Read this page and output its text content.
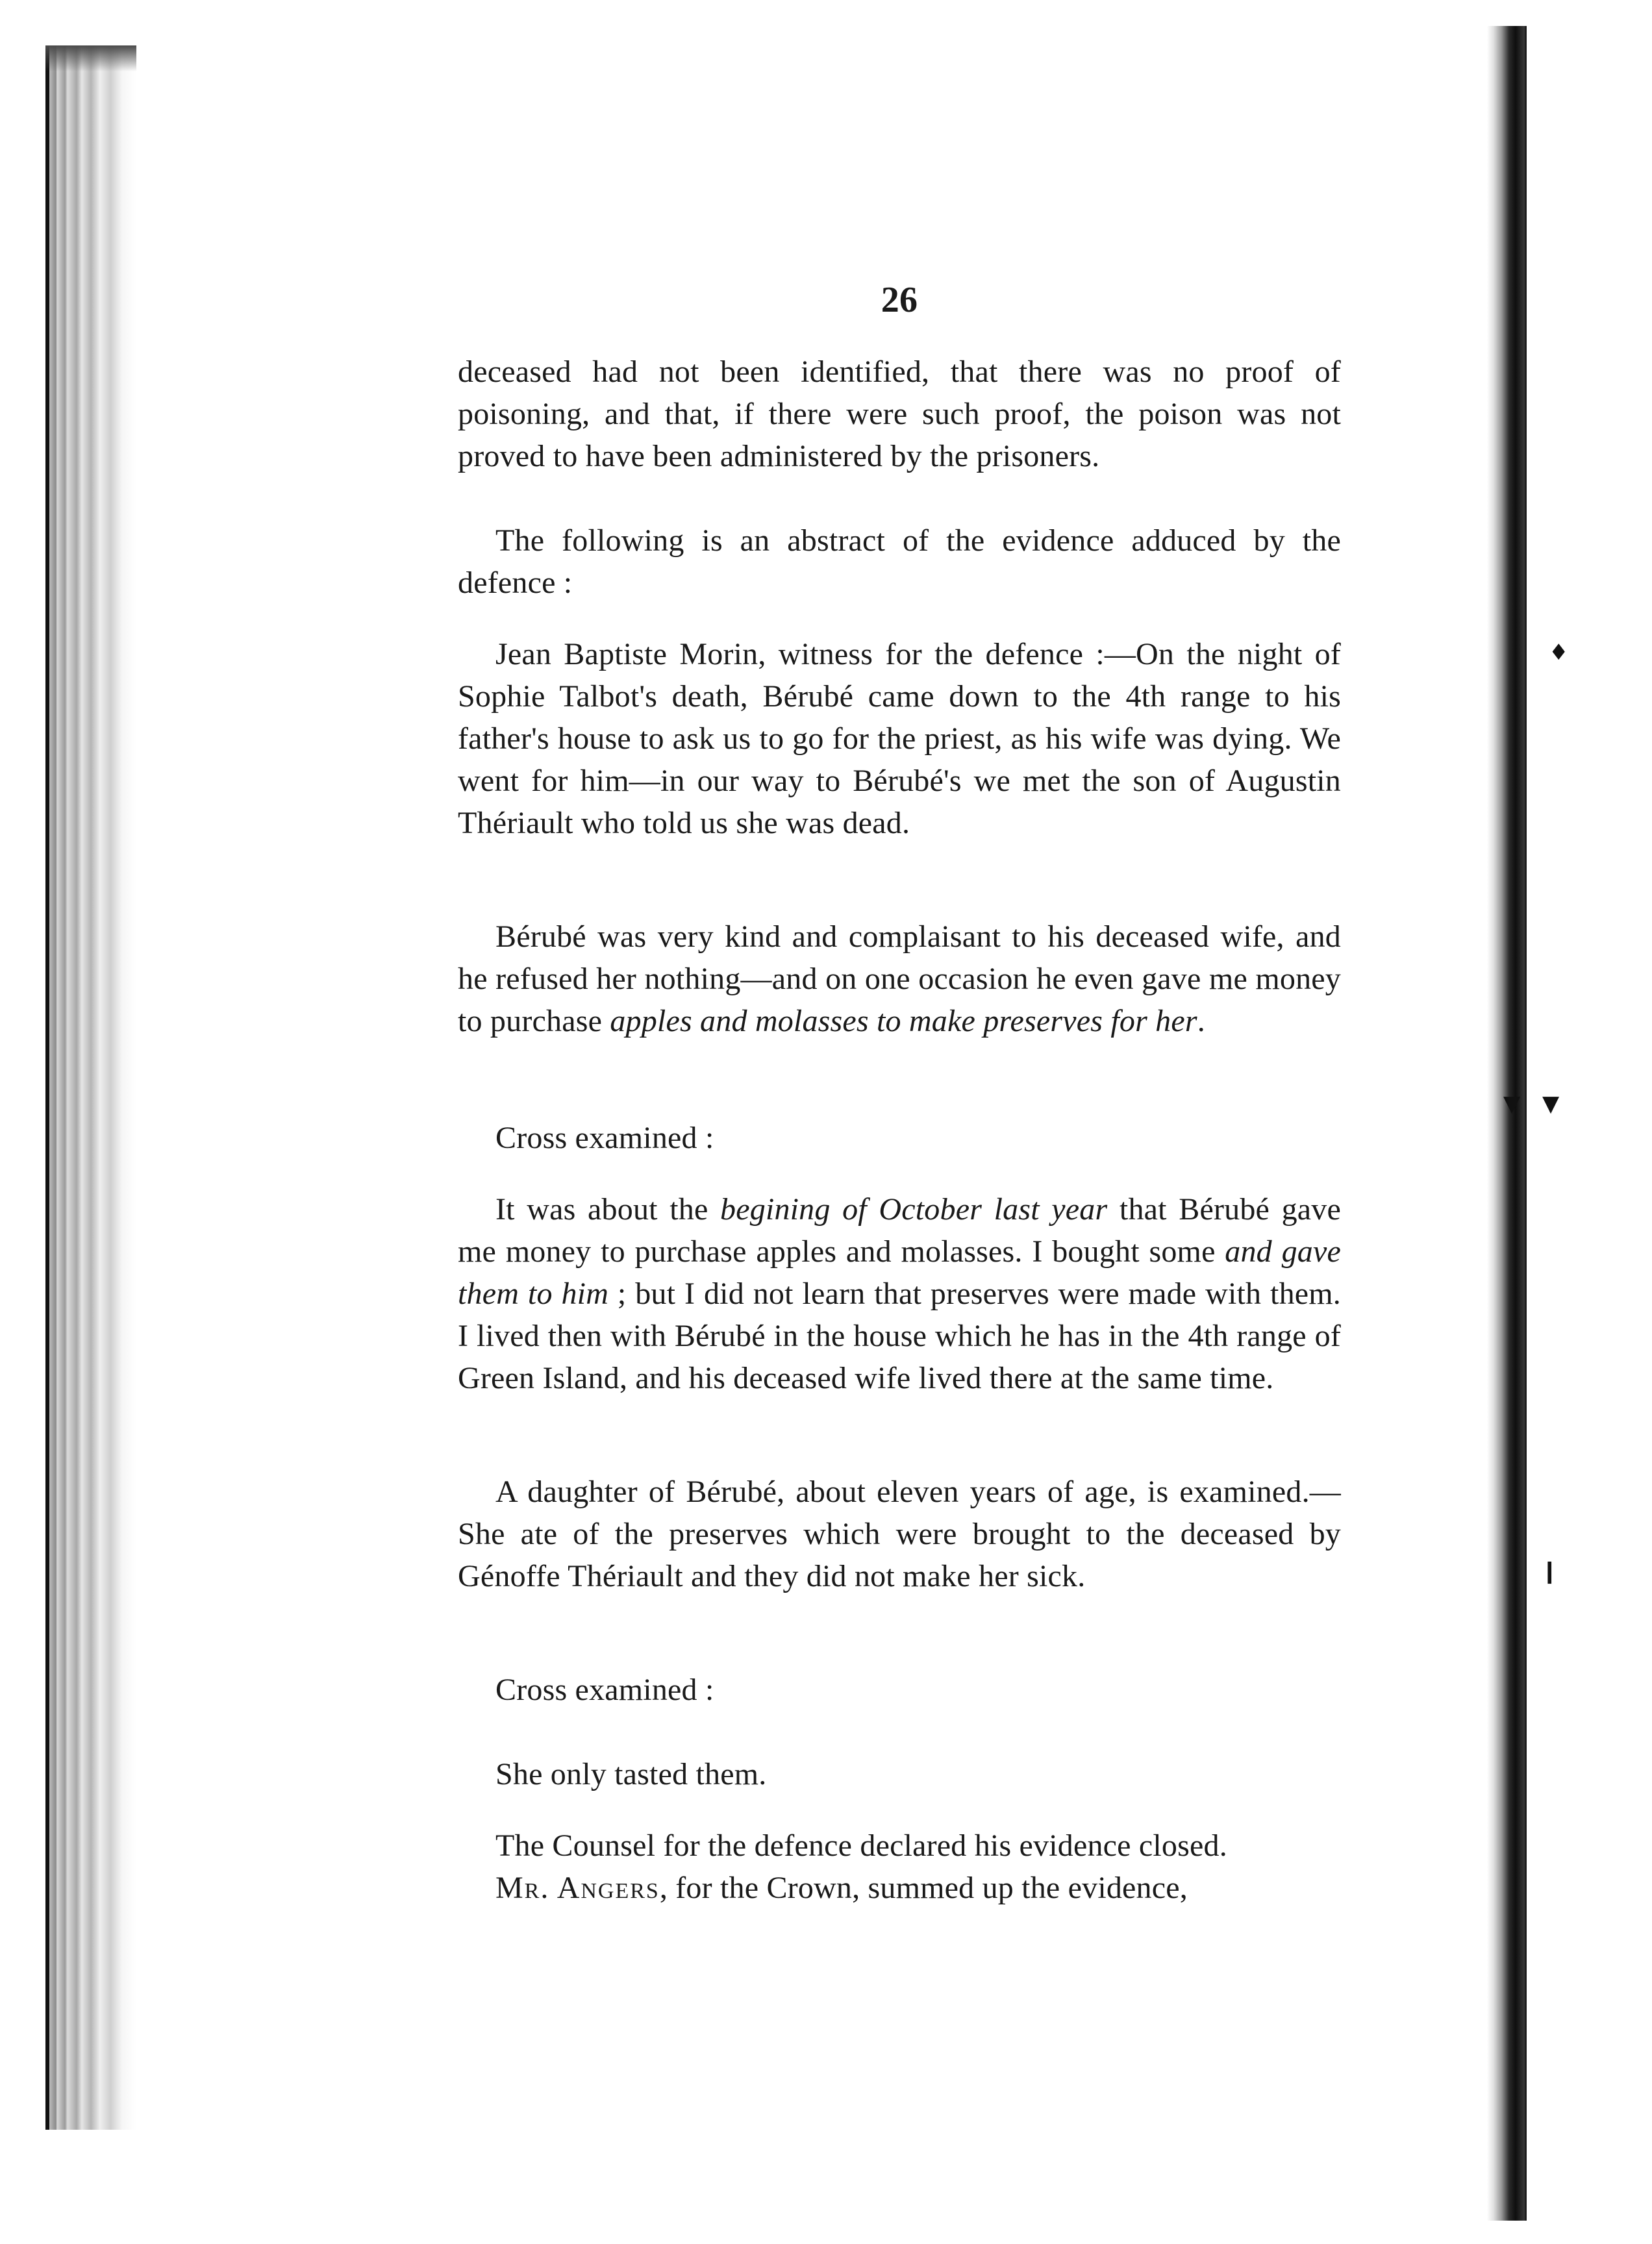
♦
▼ ▼
❙
26

deceased had not been identified, that there was no proof of poisoning, and that, if there were such proof, the poison was not proved to have been administered by the prisoners.

The following is an abstract of the evidence adduced by the defence :

Jean Baptiste Morin, witness for the defence :—On the night of Sophie Talbot's death, Bérubé came down to the 4th range to his father's house to ask us to go for the priest, as his wife was dying. We went for him—in our way to Bérubé's we met the son of Augustin Thériault who told us she was dead.

Bérubé was very kind and complaisant to his deceased wife, and he refused her nothing—and on one occasion he even gave me money to purchase apples and molasses to make preserves for her.

Cross examined :

It was about the begining of October last year that Bérubé gave me money to purchase apples and molasses. I bought some and gave them to him ; but I did not learn that preserves were made with them. I lived then with Bérubé in the house which he has in the 4th range of Green Island, and his deceased wife lived there at the same time.

A daughter of Bérubé, about eleven years of age, is examined.—She ate of the preserves which were brought to the deceased by Génoffe Thériault and they did not make her sick.

Cross examined :

She only tasted them.

The Counsel for the defence declared his evidence closed.

Mr. Angers, for the Crown, summed up the evidence,
